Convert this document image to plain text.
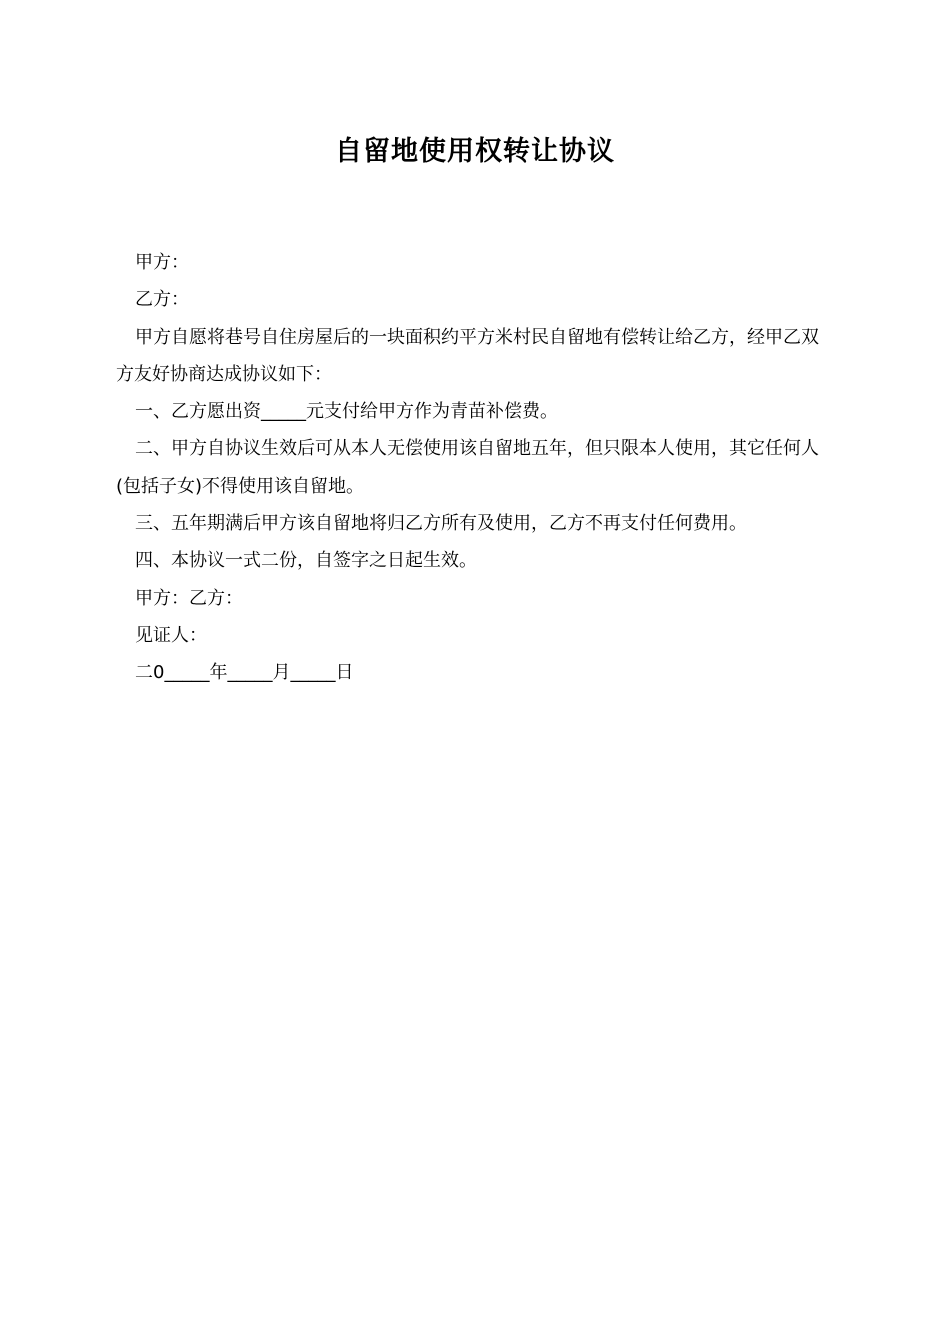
自留地使用权转让协议

甲方：

乙方：

甲方自愿将巷号自住房屋后的一块面积约平方米村民自留地有偿转让给乙方，经甲乙双方友好协商达成协议如下：

一、乙方愿出资_____元支付给甲方作为青苗补偿费。

二、甲方自协议生效后可从本人无偿使用该自留地五年，但只限本人使用，其它任何人(包括子女)不得使用该自留地。

三、五年期满后甲方该自留地将归乙方所有及使用，乙方不再支付任何费用。

四、本协议一式二份，自签字之日起生效。

甲方：乙方：

见证人：

二0_____年_____月_____日
